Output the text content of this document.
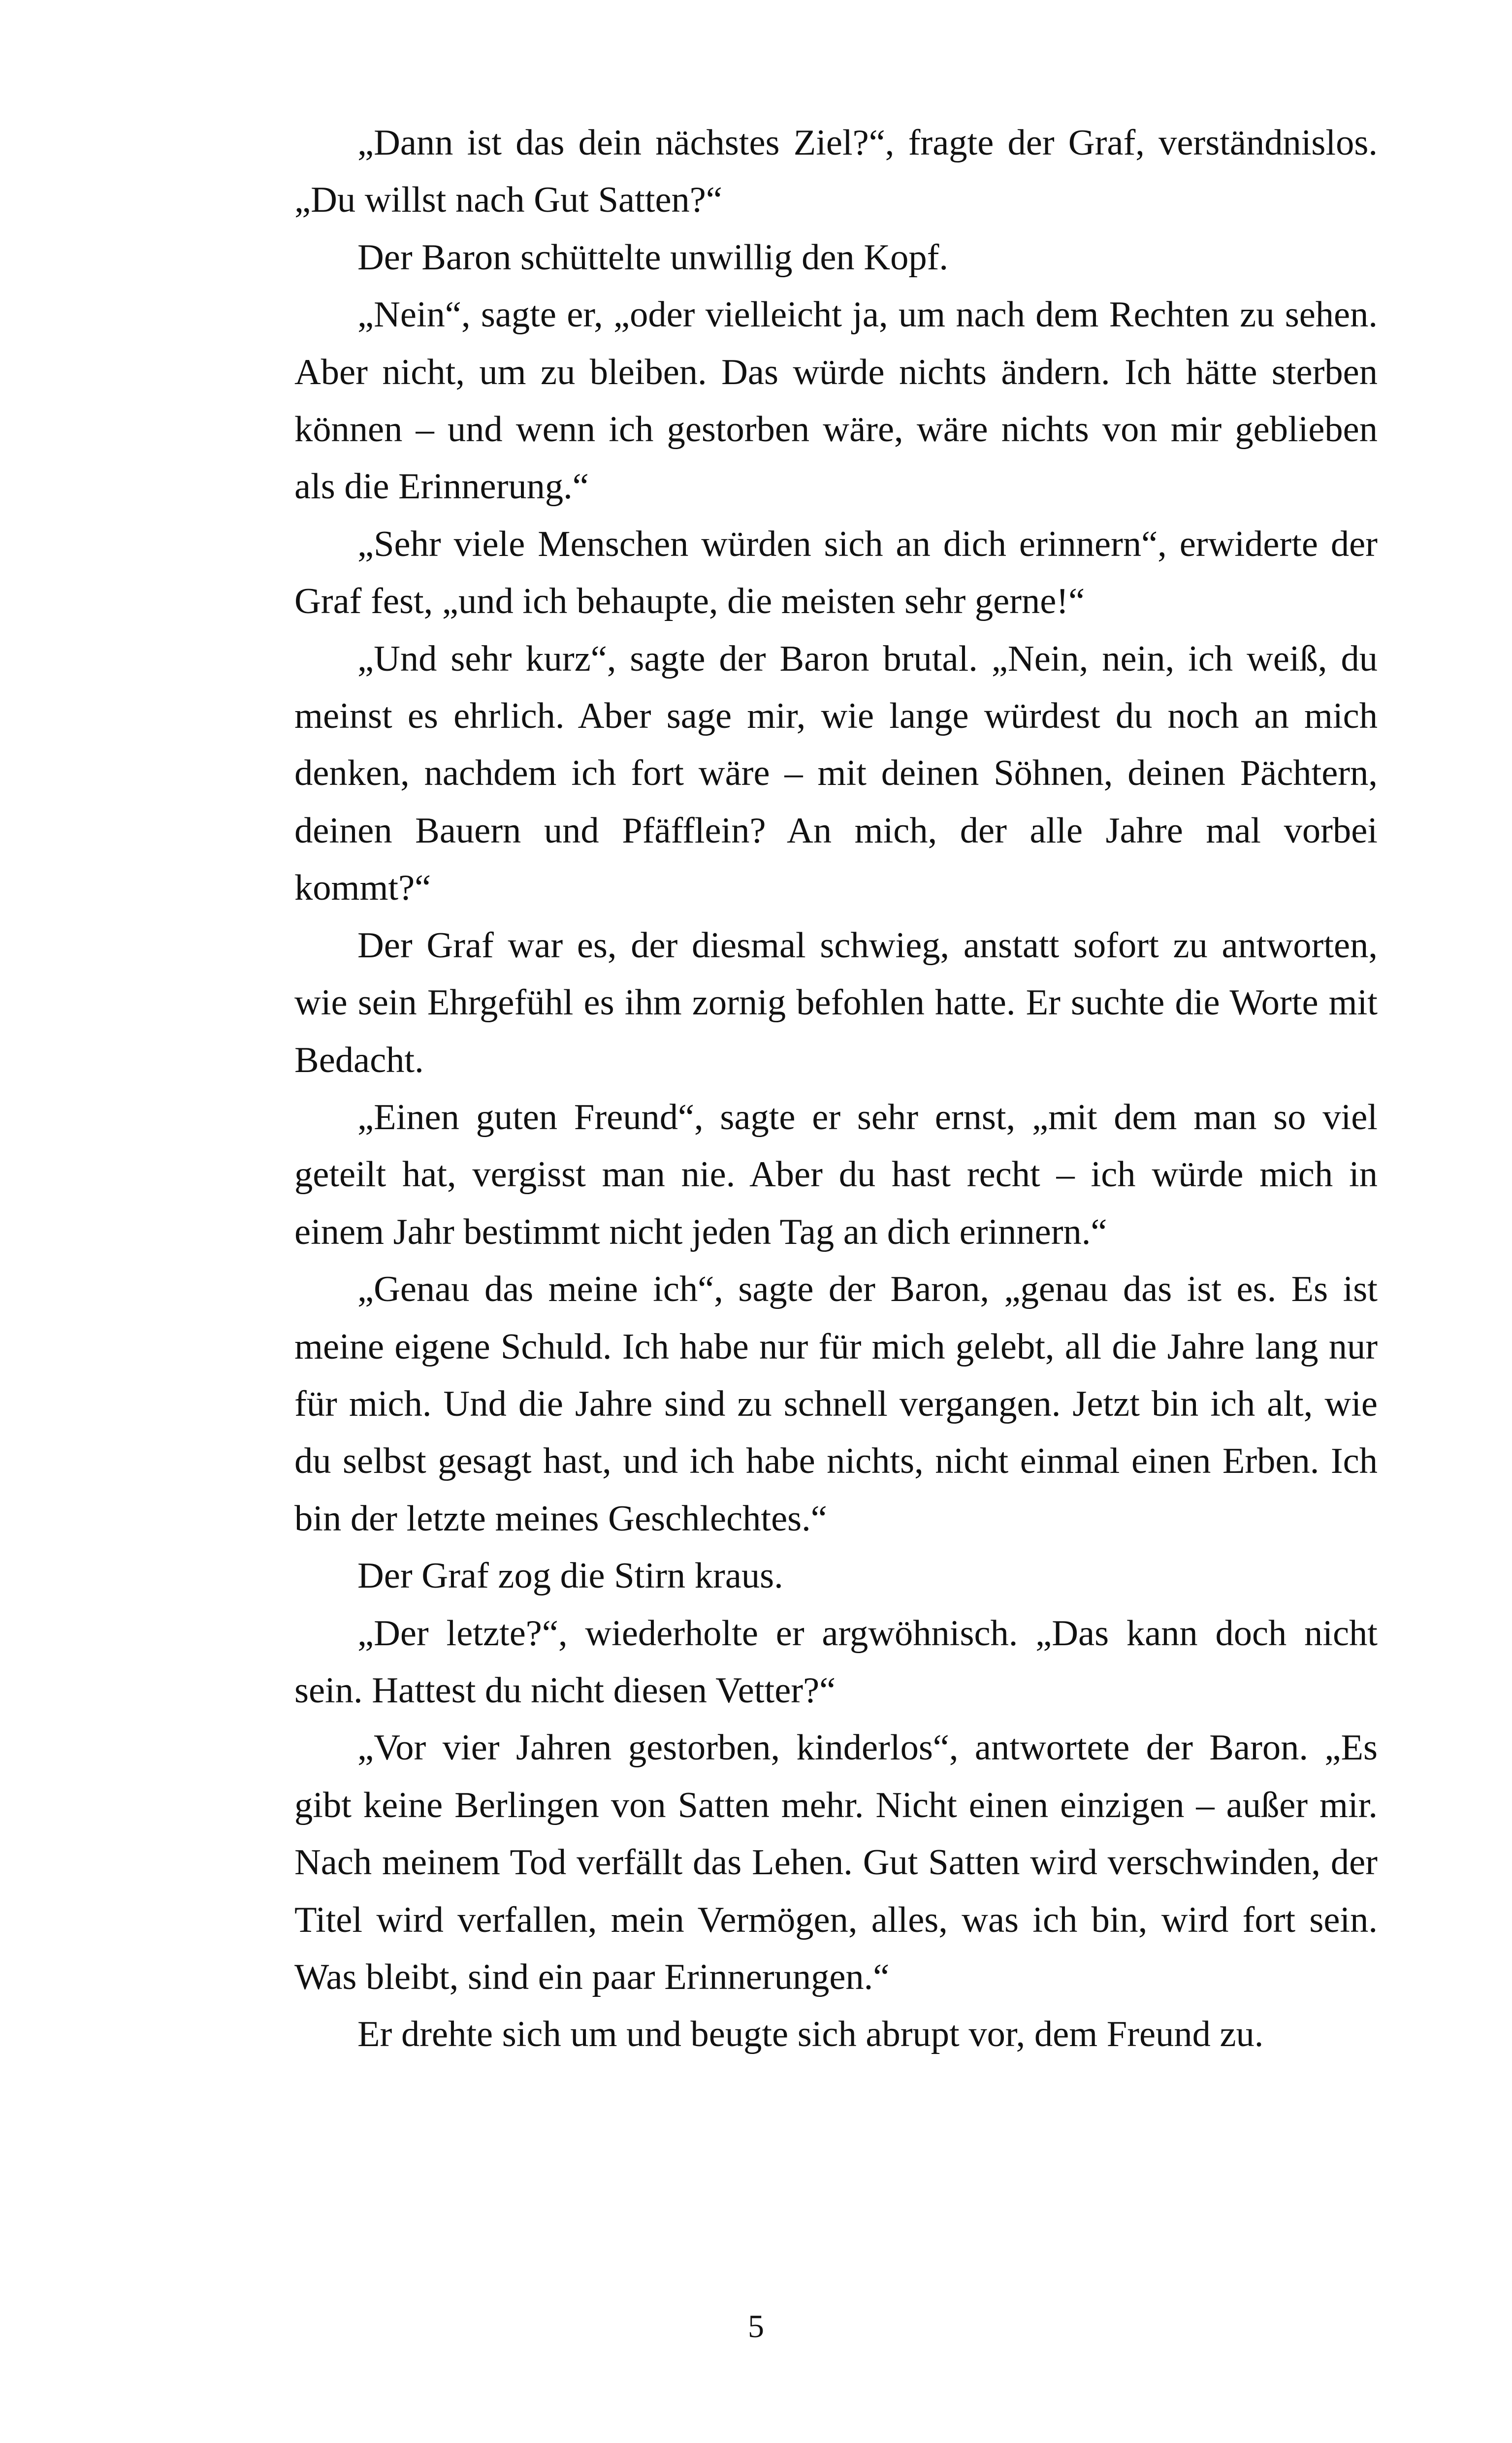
„Dann ist das dein nächstes Ziel?“, fragte der Graf, verständnislos. „Du willst nach Gut Satten?“

Der Baron schüttelte unwillig den Kopf.

„Nein“, sagte er, „oder vielleicht ja, um nach dem Rechten zu sehen. Aber nicht, um zu bleiben. Das würde nichts ändern. Ich hätte sterben können – und wenn ich gestorben wäre, wäre nichts von mir geblieben als die Erinnerung.“

„Sehr viele Menschen würden sich an dich erinnern“, erwiderte der Graf fest, „und ich behaupte, die meisten sehr gerne!“

„Und sehr kurz“, sagte der Baron brutal. „Nein, nein, ich weiß, du meinst es ehrlich. Aber sage mir, wie lange würdest du noch an mich denken, nachdem ich fort wäre – mit deinen Söhnen, deinen Pächtern, deinen Bauern und Pfäfflein? An mich, der alle Jahre mal vorbei kommt?“

Der Graf war es, der diesmal schwieg, anstatt sofort zu antworten, wie sein Ehrgefühl es ihm zornig befohlen hatte. Er suchte die Worte mit Bedacht.

„Einen guten Freund“, sagte er sehr ernst, „mit dem man so viel geteilt hat, vergisst man nie. Aber du hast recht – ich würde mich in einem Jahr bestimmt nicht jeden Tag an dich erinnern.“

„Genau das meine ich“, sagte der Baron, „genau das ist es. Es ist meine eigene Schuld. Ich habe nur für mich gelebt, all die Jahre lang nur für mich. Und die Jahre sind zu schnell vergangen. Jetzt bin ich alt, wie du selbst gesagt hast, und ich habe nichts, nicht einmal einen Erben. Ich bin der letzte meines Geschlechtes.“

Der Graf zog die Stirn kraus.

„Der letzte?“, wiederholte er argwöhnisch. „Das kann doch nicht sein. Hattest du nicht diesen Vetter?“

„Vor vier Jahren gestorben, kinderlos“, antwortete der Baron. „Es gibt keine Berlingen von Satten mehr. Nicht einen einzigen – außer mir. Nach meinem Tod verfällt das Lehen. Gut Satten wird verschwinden, der Titel wird verfallen, mein Vermögen, alles, was ich bin, wird fort sein. Was bleibt, sind ein paar Erinnerungen.“

Er drehte sich um und beugte sich abrupt vor, dem Freund zu.

5
